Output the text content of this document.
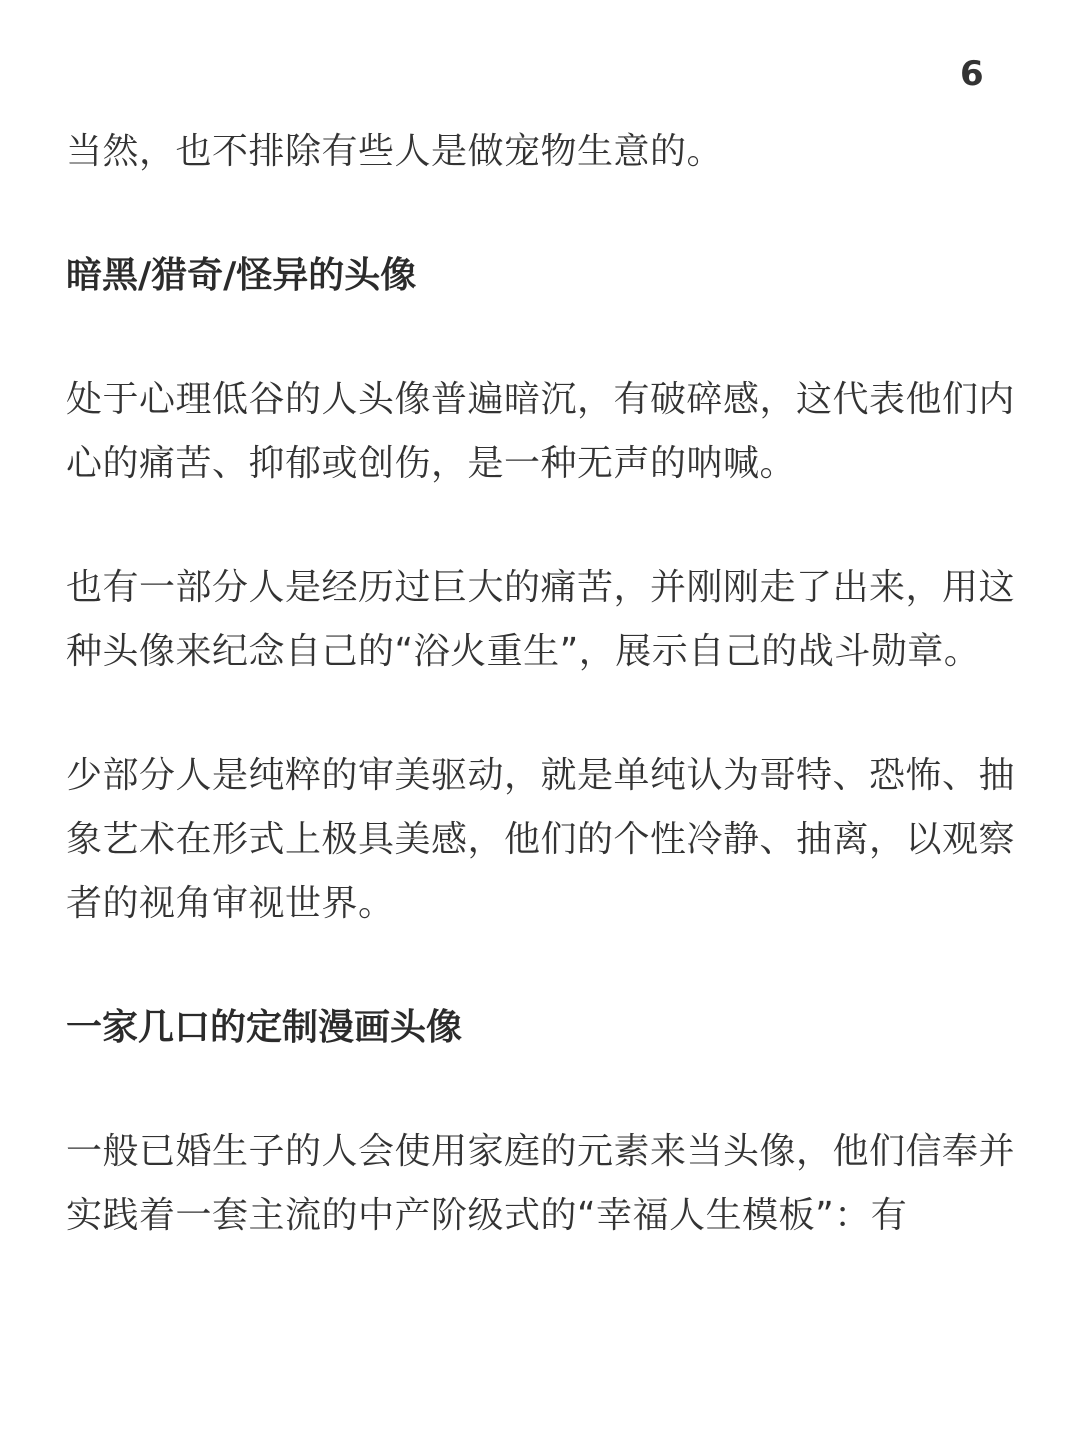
6

当然，也不排除有些人是做宠物生意的。

暗黑/猎奇/怪异的头像

处于心理低谷的人头像普遍暗沉，有破碎感，这代表他们内心的痛苦、抑郁或创伤，是一种无声的呐喊。

也有一部分人是经历过巨大的痛苦，并刚刚走了出来，用这种头像来纪念自己的“浴火重生”，展示自己的战斗勋章。

少部分人是纯粹的审美驱动，就是单纯认为哥特、恐怖、抽象艺术在形式上极具美感，他们的个性冷静、抽离，以观察者的视角审视世界。

一家几口的定制漫画头像

一般已婚生子的人会使用家庭的元素来当头像，他们信奉并实践着一套主流的中产阶级式的“幸福人生模板”：有
